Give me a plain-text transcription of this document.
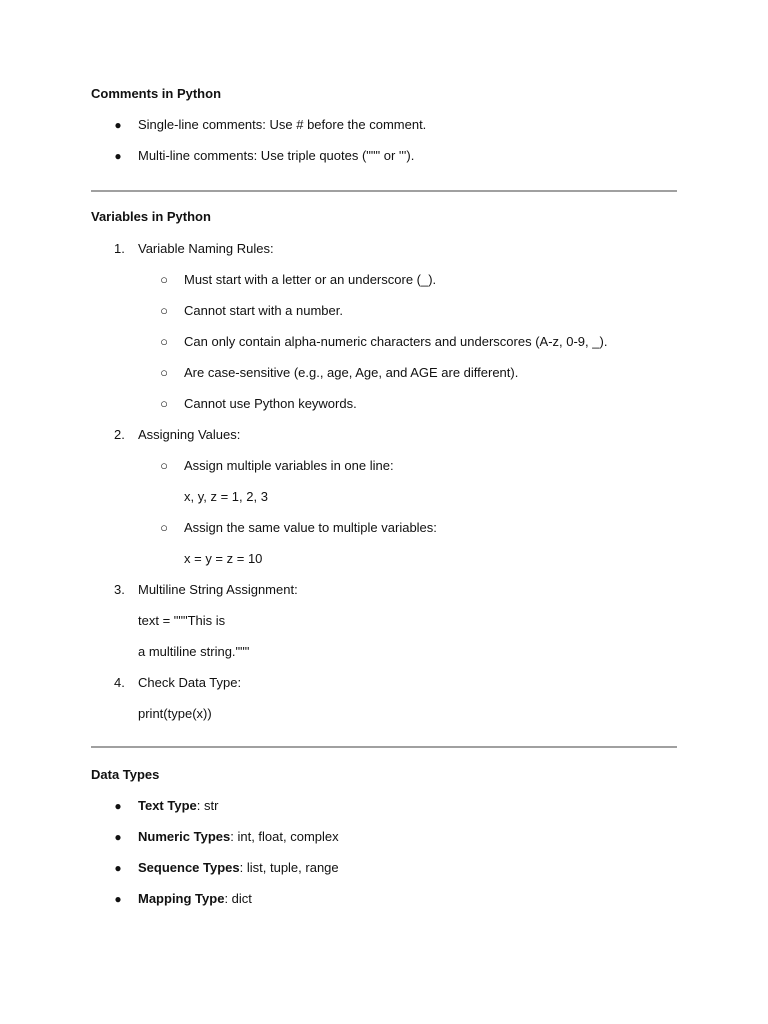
Comments in Python
●	Single-line comments: Use # before the comment.
●	Multi-line comments: Use triple quotes (""" or ''').
Variables in Python
1. Variable Naming Rules:
○	Must start with a letter or an underscore (_).
○	Cannot start with a number.
○	Can only contain alpha-numeric characters and underscores (A-z, 0-9, _).
○	Are case-sensitive (e.g., age, Age, and AGE are different).
○	Cannot use Python keywords.
2. Assigning Values:
○	Assign multiple variables in one line:
x, y, z = 1, 2, 3
○	Assign the same value to multiple variables:
x = y = z = 10
3. Multiline String Assignment:
text = """This is
a multiline string."""
4. Check Data Type:
print(type(x))
Data Types
●	Text Type: str
●	Numeric Types: int, float, complex
●	Sequence Types: list, tuple, range
●	Mapping Type: dict
